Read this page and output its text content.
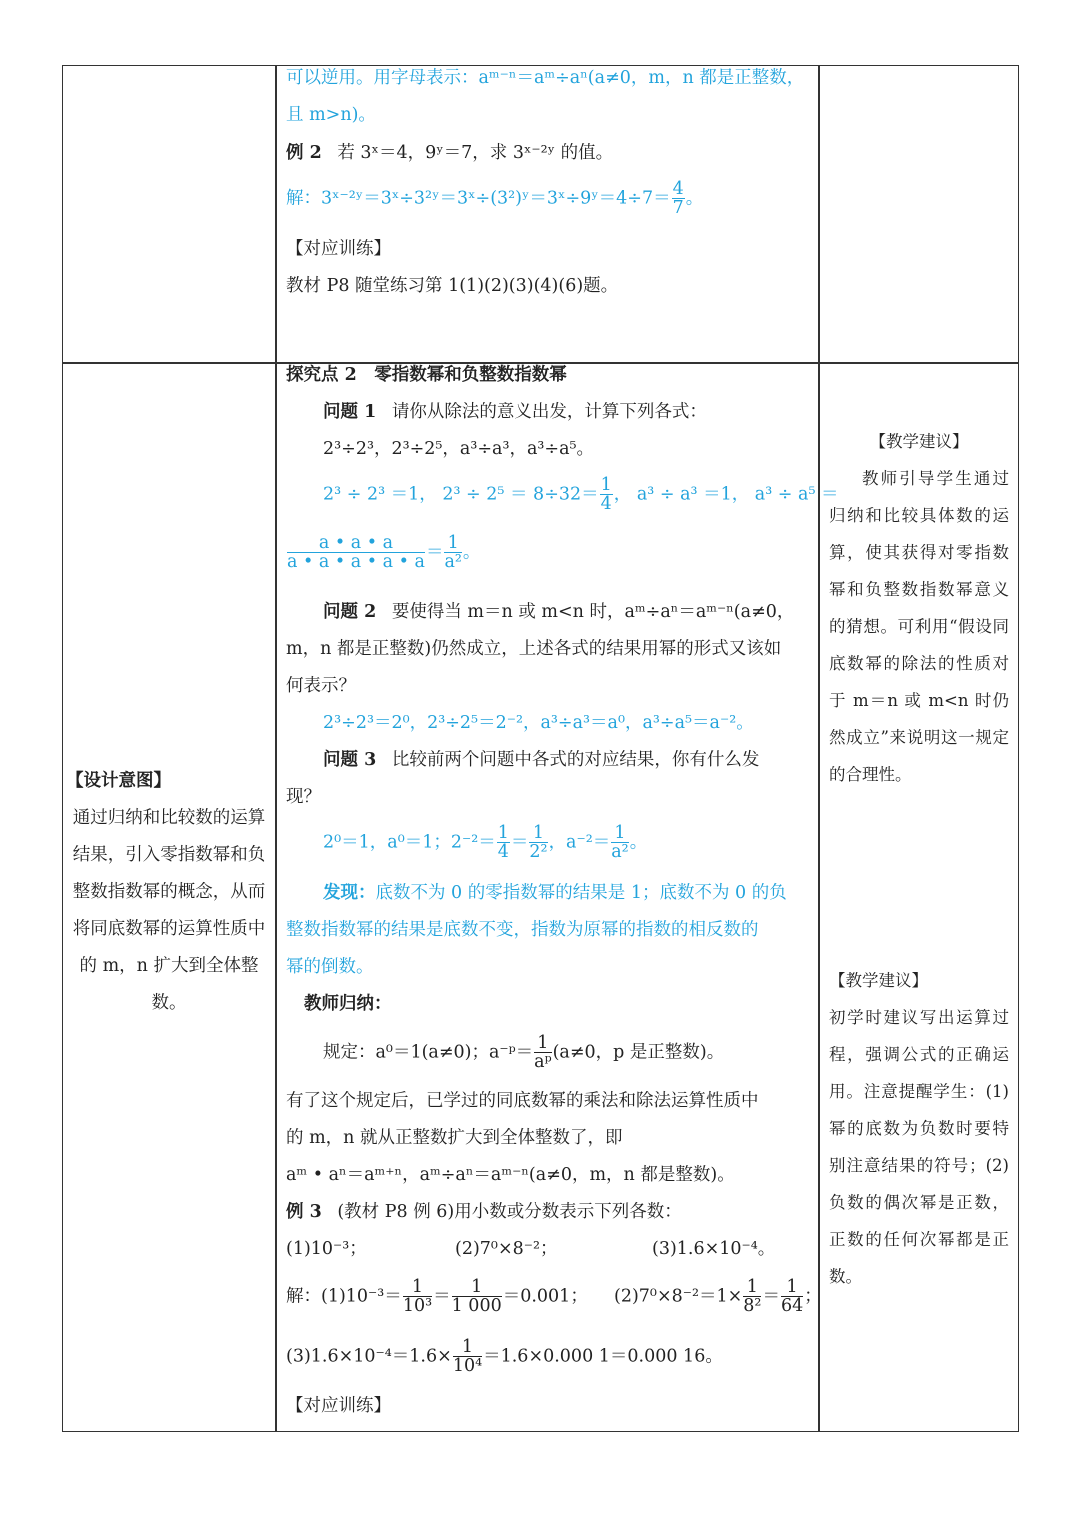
可以逆用。用字母表示：aᵐ⁻ⁿ＝aᵐ÷aⁿ(a≠0，m，n 都是正整数，
且 m>n)。
例 2 若 3ˣ＝4，9ʸ＝7，求 3ˣ⁻²ʸ 的值。
解：3ˣ⁻²ʸ＝3ˣ÷3²ʸ＝3ˣ÷(3²)ʸ＝3ˣ÷9ʸ＝4÷7＝ $\frac{4}{7}$ 。
【对应训练】
教材 P8 随堂练习第 1(1)(2)(3)(4)(6)题。
探究点 2　零指数幂和负整数指数幂
问题 1 请你从除法的意义出发，计算下列各式：
2³÷2³，2³÷2⁵，a³÷a³，a³÷a⁵。
2³ ÷ 2³ ＝1， $2^3 \div 2^5 = 8\div 32= \frac{1}{4}$ ， a³ ÷ a³ ＝1， a³ ÷ a⁵ ＝
$\frac{a • a • a}{a • a • a • a • a} = \frac{1}{\text{a²}}$ 。
问题 2 要使得当 m＝n 或 m<n 时，aᵐ÷aⁿ＝aᵐ⁻ⁿ(a≠0，
m，n 都是正整数)仍然成立，上述各式的结果用幂的形式又该如
何表示？
2³÷2³＝2⁰，2³÷2⁵＝2⁻²，a³÷a³＝a⁰，a³÷a⁵＝a⁻²。
问题 3 比较前两个问题中各式的对应结果，你有什么发
现？
2⁰＝1，a⁰＝1；$2^{-2}= \frac{1}{4} = \frac{1}{\text{2²}}$ ，$a^{-2}= \frac{1}{\text{a²}}$ 。
发现：底数不为 0 的零指数幂的结果是 1；底数不为 0 的负
整数指数幂的结果是底数不变，指数为原幂的指数的相反数的
幂的倒数。
教师归纳：
规定：a⁰＝1(a≠0)；a⁻ᵖ＝ $\frac{1}{\text{aᵖ}} (a\ne 0$，p 是正整数)。
有了这个规定后，已学过的同底数幂的乘法和除法运算性质中
的 m，n 就从正整数扩大到全体整数了，即
aᵐ • aⁿ＝aᵐ⁺ⁿ，aᵐ÷aⁿ＝aᵐ⁻ⁿ(a≠0，m，n 都是整数)。
例 3 (教材 P8 例 6)用小数或分数表示下列各数：
(1)10⁻³；	(2)7⁰×8⁻²；	(3)1.6×10⁻⁴。
解：$(1)10^{-3}= \frac{1}{\text{10³}} = \frac{1}{1 000} =0.001$； $(2)7^0\times 8^{-2}=1\times \frac{1}{\text{8²}} = \frac{1}{64}$ ；
$(3)1.6\times 10^{-4}=1.6\times \frac{1}{\text{10⁴}} =1.6\times 0.000$ 1＝0.000 16。
【对应训练】
【设计意图】
通过归纳和比较数的运算结果，引入零指数幂和负整数指数幂的概念，从而将同底数幂的运算性质中的 m，n 扩大到全体整数。
【教学建议】
教师引导学生通过归纳和比较具体数的运算，使其获得对零指数幂和负整数指数幂意义的猜想。可利用“假设同底数幂的除法的性质对于 m＝n 或 m<n 时仍然成立”来说明这一规定的合理性。
【教学建议】
初学时建议写出运算过程，强调公式的正确运用。注意提醒学生：(1)幂的底数为负数时要特别注意结果的符号；(2)负数的偶次幂是正数，正数的任何次幂都是正数。
